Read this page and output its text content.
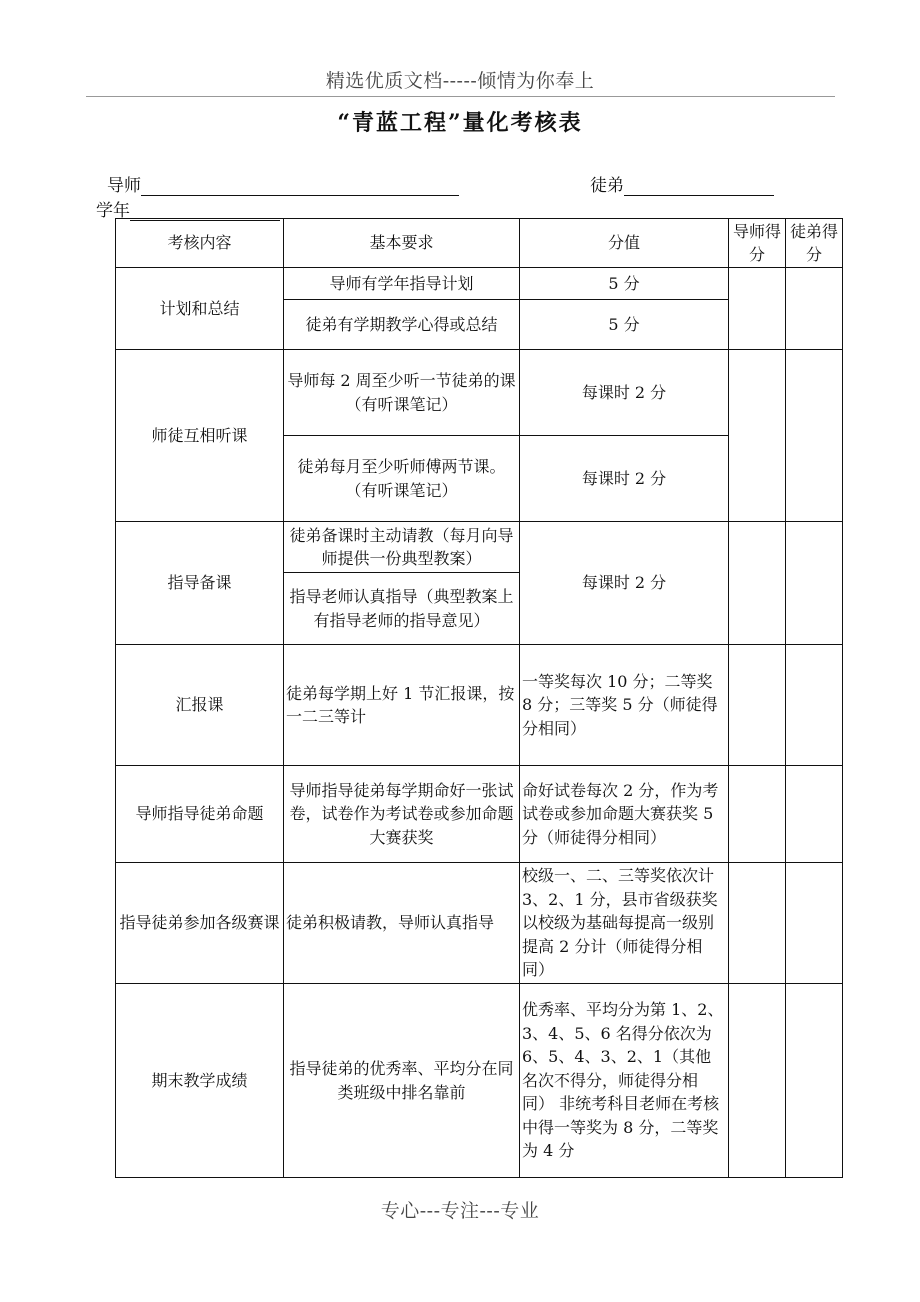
精选优质文档-----倾情为你奉上
“青蓝工程”量化考核表
导师	徒弟
学年
考核内容	基本要求	分值	导师得分	徒弟得分
计划和总结	导师有学年指导计划	5 分		
	徒弟有学期教学心得或总结	5 分		
师徒互相听课	导师每 2 周至少听一节徒弟的课（有听课笔记）	每课时 2 分		
	徒弟每月至少听师傅两节课。（有听课笔记）	每课时 2 分		
指导备课	徒弟备课时主动请教（每月向导师提供一份典型教案）	每课时 2 分		
	指导老师认真指导（典型教案上有指导老师的指导意见）			
汇报课	徒弟每学期上好 1 节汇报课，按一二三等计	一等奖每次 10 分；二等奖 8 分；三等奖 5 分（师徒得分相同）		
导师指导徒弟命题	导师指导徒弟每学期命好一张试卷，试卷作为考试卷或参加命题大赛获奖	命好试卷每次 2 分，作为考试卷或参加命题大赛获奖 5 分（师徒得分相同）		
指导徒弟参加各级赛课	徒弟积极请教，导师认真指导	校级一、二、三等奖依次计 3、2、1 分，县市省级获奖以校级为基础每提高一级别提高 2 分计（师徒得分相同）		
期末教学成绩	指导徒弟的优秀率、平均分在同类班级中排名靠前	优秀率、平均分为第 1、2、3、4、5、6 名得分依次为 6、5、4、3、2、1（其他名次不得分，师徒得分相同） 非统考科目老师在考核中得一等奖为 8 分，二等奖为 4 分		
专心---专注---专业
